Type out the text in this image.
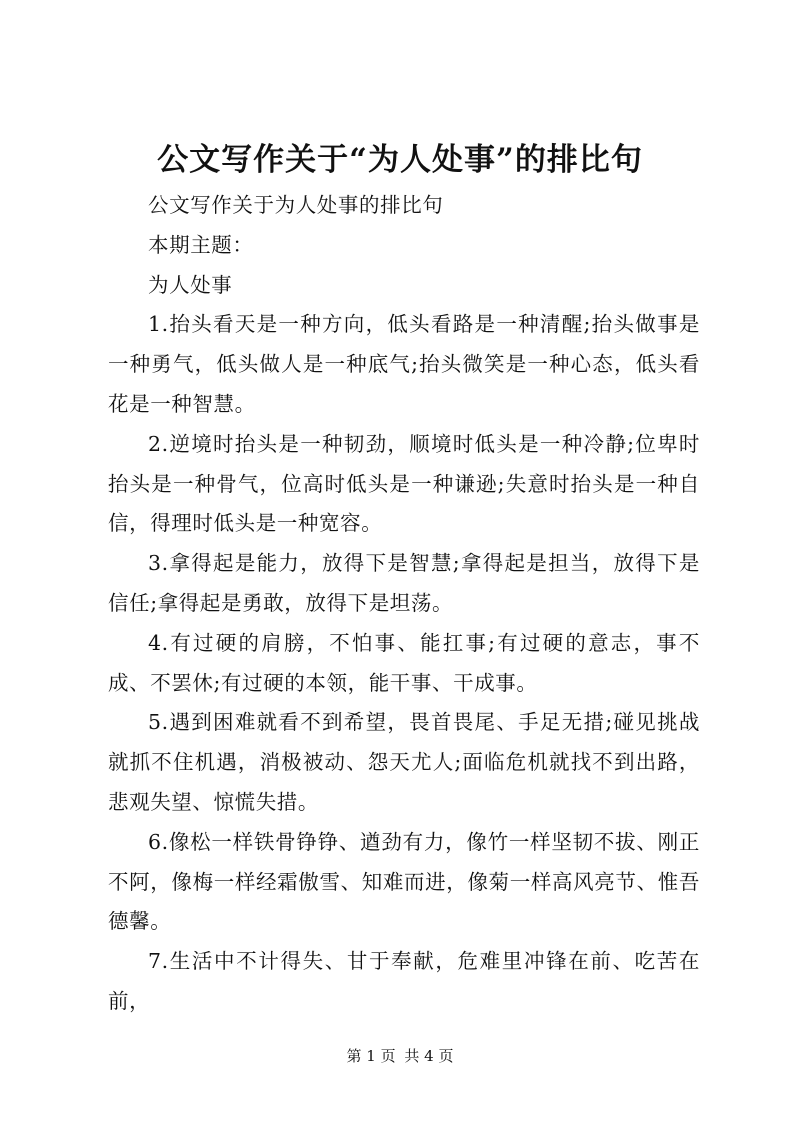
公文写作关于“为人处事”的排比句

公文写作关于为人处事的排比句

本期主题：

为人处事

1.抬头看天是一种方向，低头看路是一种清醒;抬头做事是一种勇气，低头做人是一种底气;抬头微笑是一种心态，低头看花是一种智慧。

2.逆境时抬头是一种韧劲，顺境时低头是一种冷静;位卑时抬头是一种骨气，位高时低头是一种谦逊;失意时抬头是一种自信，得理时低头是一种宽容。

3.拿得起是能力，放得下是智慧;拿得起是担当，放得下是信任;拿得起是勇敢，放得下是坦荡。

4.有过硬的肩膀，不怕事、能扛事;有过硬的意志，事不成、不罢休;有过硬的本领，能干事、干成事。

5.遇到困难就看不到希望，畏首畏尾、手足无措;碰见挑战就抓不住机遇，消极被动、怨天尤人;面临危机就找不到出路，悲观失望、惊慌失措。

6.像松一样铁骨铮铮、遒劲有力，像竹一样坚韧不拔、刚正不阿，像梅一样经霜傲雪、知难而进，像菊一样高风亮节、惟吾德馨。

7.生活中不计得失、甘于奉献，危难里冲锋在前、吃苦在前，

第 1 页 共 4 页
